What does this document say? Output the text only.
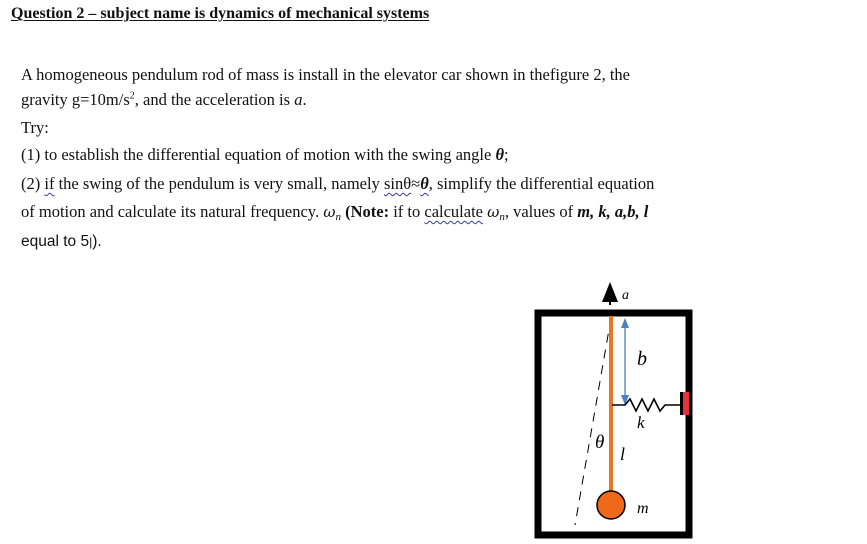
Question 2 – subject name is dynamics of mechanical systems
A homogeneous pendulum rod of mass is install in the elevator car shown in thefigure 2, the
gravity $g=10m/s^2$, and the acceleration is a.
Try:
(1) to establish the differential equation of motion with the swing angle θ;
(2) if the swing of the pendulum is very small, namely sinθ≈θ, simplify the differential equation
of motion and calculate its natural frequency. ωn (Note: if to calculate ωn, values of m, k, a,b, l
equal to 5|).
a
b
k
θ
l
m
